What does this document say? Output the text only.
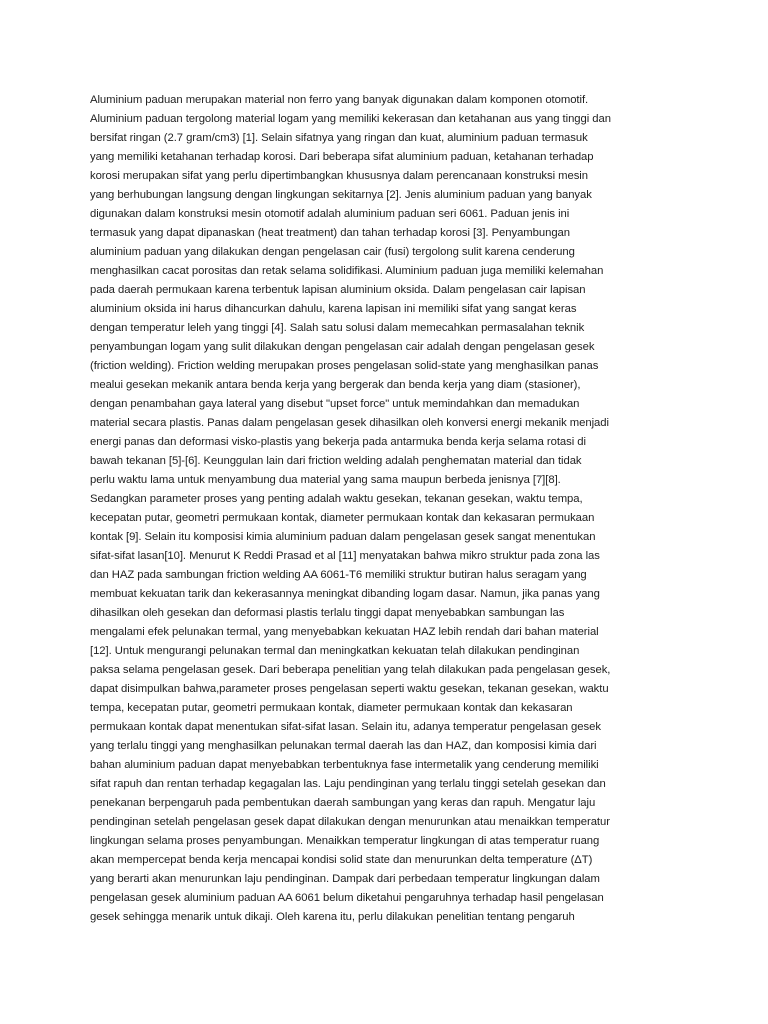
Aluminium paduan merupakan material non ferro yang banyak digunakan dalam komponen otomotif.
Aluminium paduan tergolong material logam yang memiliki kekerasan dan ketahanan aus yang tinggi dan
bersifat ringan (2.7 gram/cm3) [1]. Selain sifatnya yang ringan dan kuat, aluminium paduan termasuk
yang memiliki ketahanan terhadap korosi. Dari beberapa sifat aluminium paduan, ketahanan terhadap
korosi merupakan sifat yang perlu dipertimbangkan khususnya dalam perencanaan konstruksi mesin
yang berhubungan langsung dengan lingkungan sekitarnya [2]. Jenis aluminium paduan yang banyak
digunakan dalam konstruksi mesin otomotif adalah aluminium paduan seri 6061. Paduan jenis ini
termasuk yang dapat dipanaskan (heat treatment) dan tahan terhadap korosi [3]. Penyambungan
aluminium paduan yang dilakukan dengan pengelasan cair (fusi) tergolong sulit karena cenderung
menghasilkan cacat porositas dan retak selama solidifikasi. Aluminium paduan juga memiliki kelemahan
pada daerah permukaan karena terbentuk lapisan aluminium oksida. Dalam pengelasan cair lapisan
aluminium oksida ini harus dihancurkan dahulu, karena lapisan ini memiliki sifat yang sangat keras
dengan temperatur leleh yang tinggi [4]. Salah satu solusi dalam memecahkan permasalahan teknik
penyambungan logam yang sulit dilakukan dengan pengelasan cair adalah dengan pengelasan gesek
(friction welding). Friction welding merupakan proses pengelasan solid-state yang menghasilkan panas
mealui gesekan mekanik antara benda kerja yang bergerak dan benda kerja yang diam (stasioner),
dengan penambahan gaya lateral yang disebut "upset force" untuk memindahkan dan memadukan
material secara plastis. Panas dalam pengelasan gesek dihasilkan oleh konversi energi mekanik menjadi
energi panas dan deformasi visko-plastis yang bekerja pada antarmuka benda kerja selama rotasi di
bawah tekanan [5]-[6]. Keunggulan lain dari friction welding adalah penghematan material dan tidak
perlu waktu lama untuk menyambung dua material yang sama maupun berbeda jenisnya [7][8].
Sedangkan parameter proses yang penting adalah waktu gesekan, tekanan gesekan, waktu tempa,
kecepatan putar, geometri permukaan kontak, diameter permukaan kontak dan kekasaran permukaan
kontak [9]. Selain itu komposisi kimia aluminium paduan dalam pengelasan gesek sangat menentukan
sifat-sifat lasan[10]. Menurut K Reddi Prasad et al [11] menyatakan bahwa mikro struktur pada zona las
dan HAZ pada sambungan friction welding AA 6061-T6 memiliki struktur butiran halus seragam yang
membuat kekuatan tarik dan kekerasannya meningkat dibanding logam dasar. Namun, jika panas yang
dihasilkan oleh gesekan dan deformasi plastis terlalu tinggi dapat menyebabkan sambungan las
mengalami efek pelunakan termal, yang menyebabkan kekuatan HAZ lebih rendah dari bahan material
[12]. Untuk mengurangi pelunakan termal dan meningkatkan kekuatan telah dilakukan pendinginan
paksa selama pengelasan gesek. Dari beberapa penelitian yang telah dilakukan pada pengelasan gesek,
dapat disimpulkan bahwa,parameter proses pengelasan seperti waktu gesekan, tekanan gesekan, waktu
tempa, kecepatan putar, geometri permukaan kontak, diameter permukaan kontak dan kekasaran
permukaan kontak dapat menentukan sifat-sifat lasan. Selain itu, adanya temperatur pengelasan gesek
yang terlalu tinggi yang menghasilkan pelunakan termal daerah las dan HAZ, dan komposisi kimia dari
bahan aluminium paduan dapat menyebabkan terbentuknya fase intermetalik yang cenderung memiliki
sifat rapuh dan rentan terhadap kegagalan las. Laju pendinginan yang terlalu tinggi setelah gesekan dan
penekanan berpengaruh pada pembentukan daerah sambungan yang keras dan rapuh. Mengatur laju
pendinginan setelah pengelasan gesek dapat dilakukan dengan menurunkan atau menaikkan temperatur
lingkungan selama proses penyambungan. Menaikkan temperatur lingkungan di atas temperatur ruang
akan mempercepat benda kerja mencapai kondisi solid state dan menurunkan delta temperature (ΔT)
yang berarti akan menurunkan laju pendinginan. Dampak dari perbedaan temperatur lingkungan dalam
pengelasan gesek aluminium paduan AA 6061 belum diketahui pengaruhnya terhadap hasil pengelasan
gesek sehingga menarik untuk dikaji. Oleh karena itu, perlu dilakukan penelitian tentang pengaruh
